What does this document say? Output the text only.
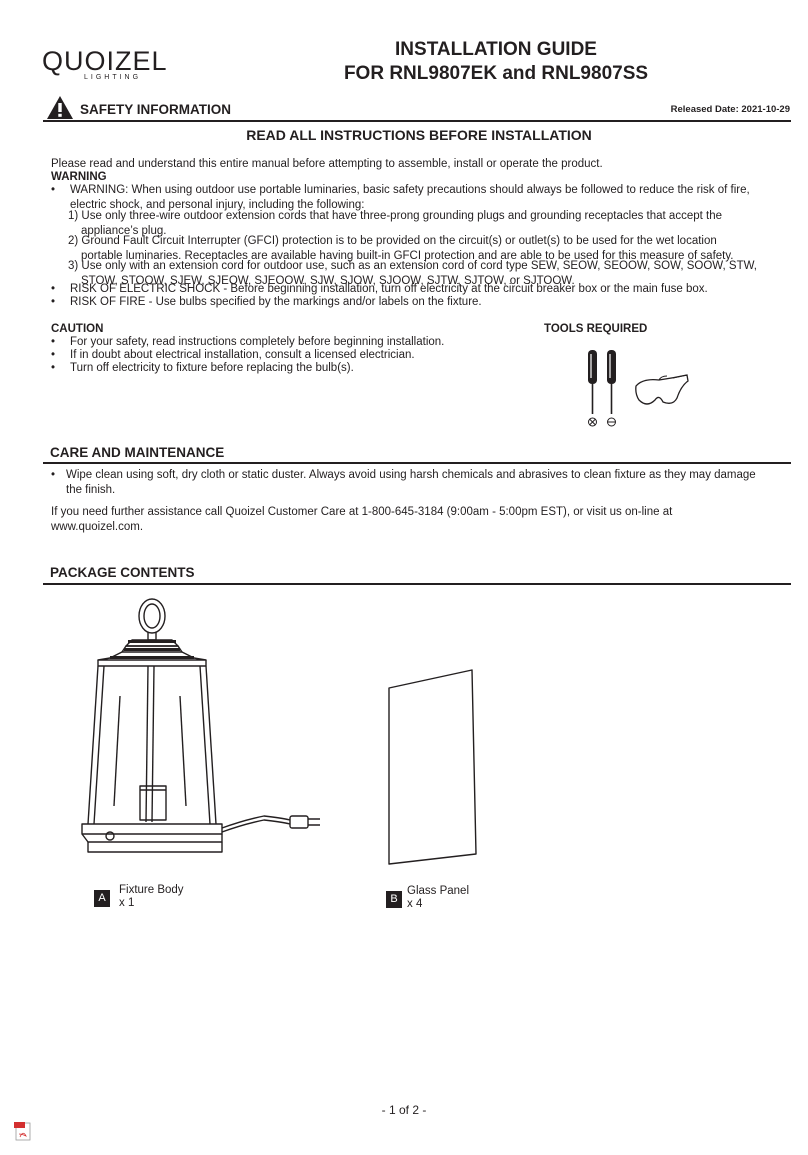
QUOIZEL
LIGHTING
INSTALLATION GUIDE
FOR RNL9807EK and RNL9807SS
SAFETY INFORMATION	Released Date: 2021-10-29
READ ALL INSTRUCTIONS BEFORE INSTALLATION
Please read and understand this entire manual before attempting to assemble, install or operate the product.
WARNING
• WARNING: When using outdoor use portable luminaries, basic safety precautions should always be followed to reduce the risk of fire,
electric shock, and personal injury, including the following:
1) Use only three-wire outdoor extension cords that have three-prong grounding plugs and grounding receptacles that accept the
appliance’s plug.
2) Ground Fault Circuit Interrupter (GFCI) protection is to be provided on the circuit(s) or outlet(s) to be used for the wet location
portable luminaries. Receptacles are available having built-in GFCI protection and are able to be used for this measure of safety.
3) Use only with an extension cord for outdoor use, such as an extension cord of cord type SEW, SEOW, SEOOW, SOW, SOOW, STW,
STOW, STOOW, SJEW, SJEOW, SJEOOW, SJW, SJOW, SJOOW, SJTW, SJTOW, or SJTOOW.
• RISK OF ELECTRIC SHOCK - Before beginning installation, turn off electricity at the circuit breaker box or the main fuse box.
• RISK OF FIRE - Use bulbs specified by the markings and/or labels on the fixture.
CAUTION
• For your safety, read instructions completely before beginning installation.
• If in doubt about electrical installation, consult a licensed electrician.
• Turn off electricity to fixture before replacing the bulb(s).
TOOLS REQUIRED
CARE AND MAINTENANCE
• Wipe clean using soft, dry cloth or static duster. Always avoid using harsh chemicals and abrasives to clean fixture as they may damage
the finish.
If you need further assistance call Quoizel Customer Care at 1-800-645-3184 (9:00am - 5:00pm EST), or visit us on-line at
www.quoizel.com.
PACKAGE CONTENTS
A
Fixture Body
x 1	B
Glass Panel
x 4
- 1 of 2 -
